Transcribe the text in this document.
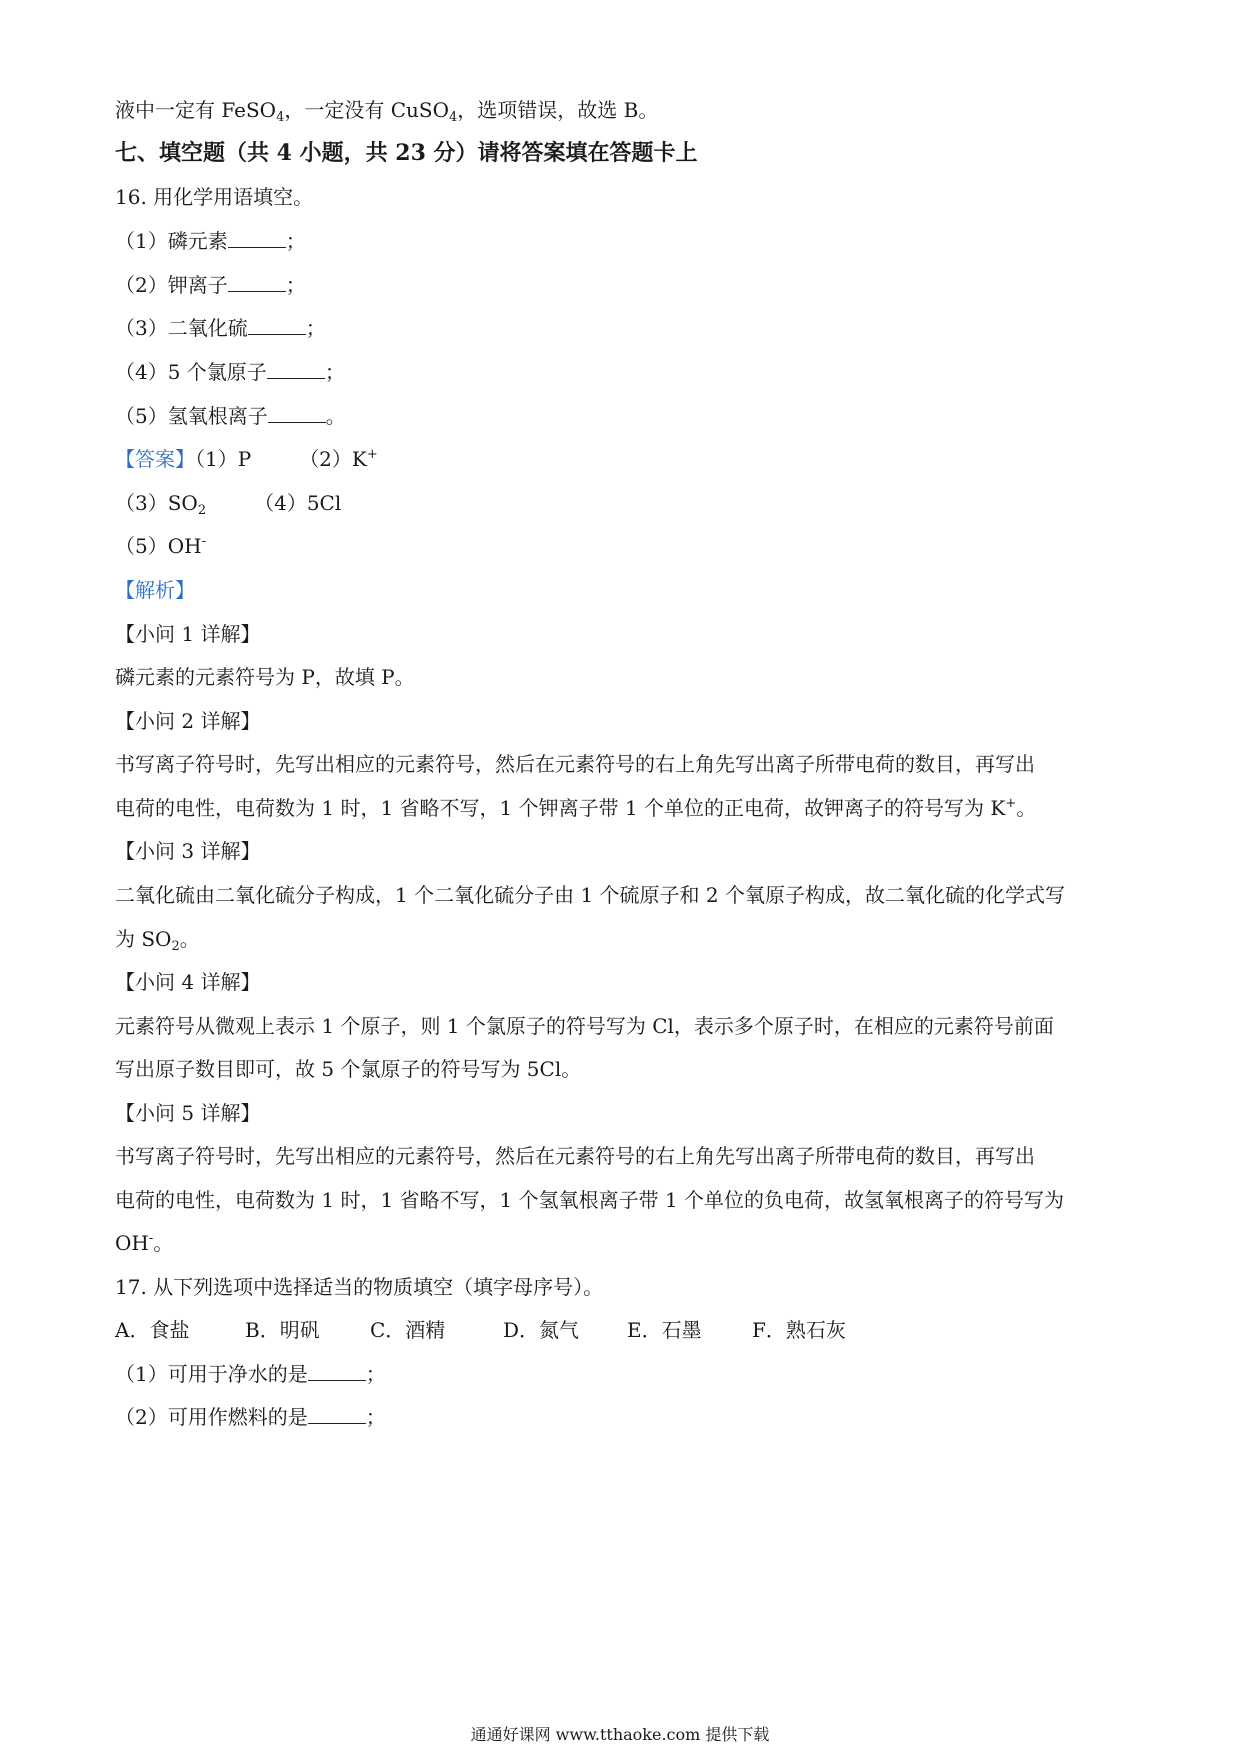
液中一定有 FeSO$_4$，一定没有 CuSO$_4$，选项错误，故选 B。
七、填空题（共 4 小题，共 23 分）请将答案填在答题卡上
16. 用化学用语填空。
（1）磷元素	；
（2）钾离子	；
（3）二氧化硫	；
（4）5 个氯原子	；
（5）氢氧根离子	。
【答案】（1）P （2）K+
$(3)SO_2$ （4）5Cl
（5）OH-
【解析】
【小问 1 详解】
磷元素的元素符号为 P，故填 P。
【小问 2 详解】
书写离子符号时，先写出相应的元素符号，然后在元素符号的右上角先写出离子所带电荷的数目，再写出
电荷的电性，电荷数为 1 时，1 省略不写，1 个钾离子带 1 个单位的正电荷，故钾离子的符号写为 K+。
【小问 3 详解】
二氧化硫由二氧化硫分子构成，1 个二氧化硫分子由 1 个硫原子和 2 个氧原子构成，故二氧化硫的化学式写
为 $SO_2$。
【小问 4 详解】
元素符号从微观上表示 1 个原子，则 1 个氯原子的符号写为 Cl，表示多个原子时，在相应的元素符号前面
写出原子数目即可，故 5 个氯原子的符号写为 5Cl。
【小问 5 详解】
书写离子符号时，先写出相应的元素符号，然后在元素符号的右上角先写出离子所带电荷的数目，再写出
电荷的电性，电荷数为 1 时，1 省略不写，1 个氢氧根离子带 1 个单位的负电荷，故氢氧根离子的符号写为
OH-。
17. 从下列选项中选择适当的物质填空（填字母序号）。
A．食盐	B．明矾	C．酒精	D．氮气 E．石墨	F．熟石灰
（1）可用于净水的是	；
（2）可用作燃料的是	；
通通好课网 www.tthaoke.com 提供下载
